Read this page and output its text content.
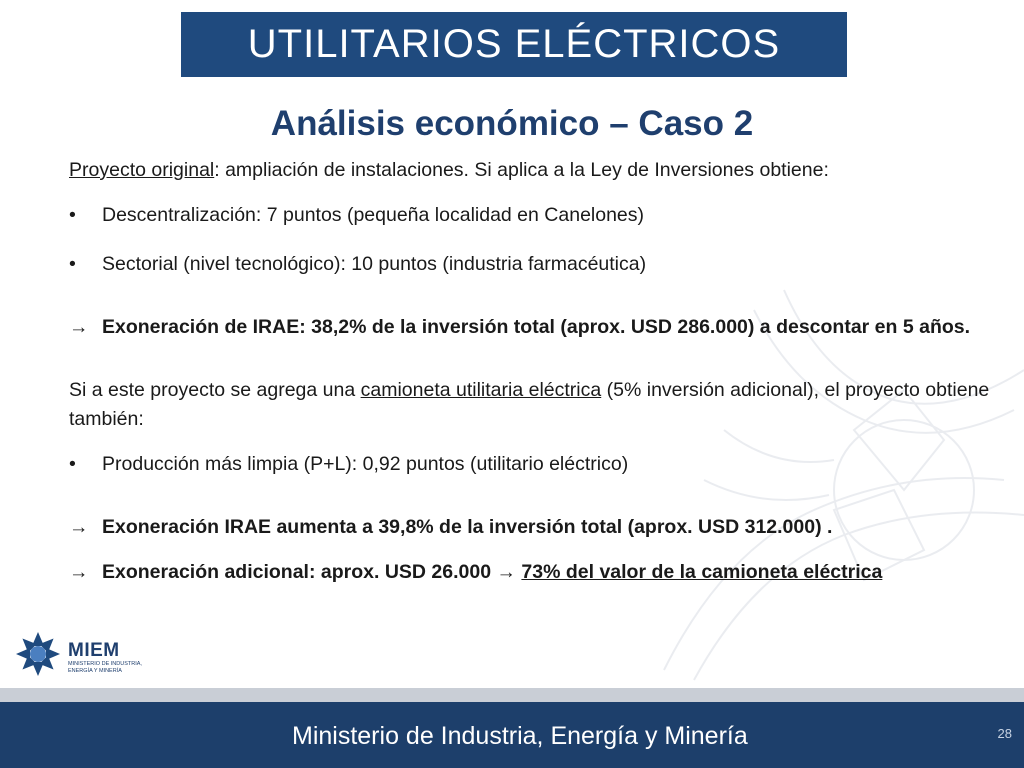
UTILITARIOS ELÉCTRICOS
Análisis económico – Caso 2

Proyecto original: ampliación de instalaciones. Si aplica a la Ley de Inversiones obtiene:

•	Descentralización: 7 puntos (pequeña localidad en Canelones)

•	Sectorial (nivel tecnológico): 10 puntos (industria farmacéutica)

→ Exoneración de IRAE: 38,2% de la inversión total (aprox. USD 286.000) a descontar en 5 años.

Si a este proyecto se agrega una camioneta utilitaria eléctrica (5% inversión adicional), el proyecto obtiene también:

•	Producción más limpia (P+L): 0,92 puntos (utilitario eléctrico)

→ Exoneración IRAE aumenta a 39,8% de la inversión total (aprox. USD 312.000) .

→ Exoneración adicional: aprox. USD 26.000 → 73% del valor de la camioneta eléctrica

MIEM
MINISTERIO DE INDUSTRIA, ENERGÍA Y MINERÍA
Ministerio de Industria, Energía y Minería	28
